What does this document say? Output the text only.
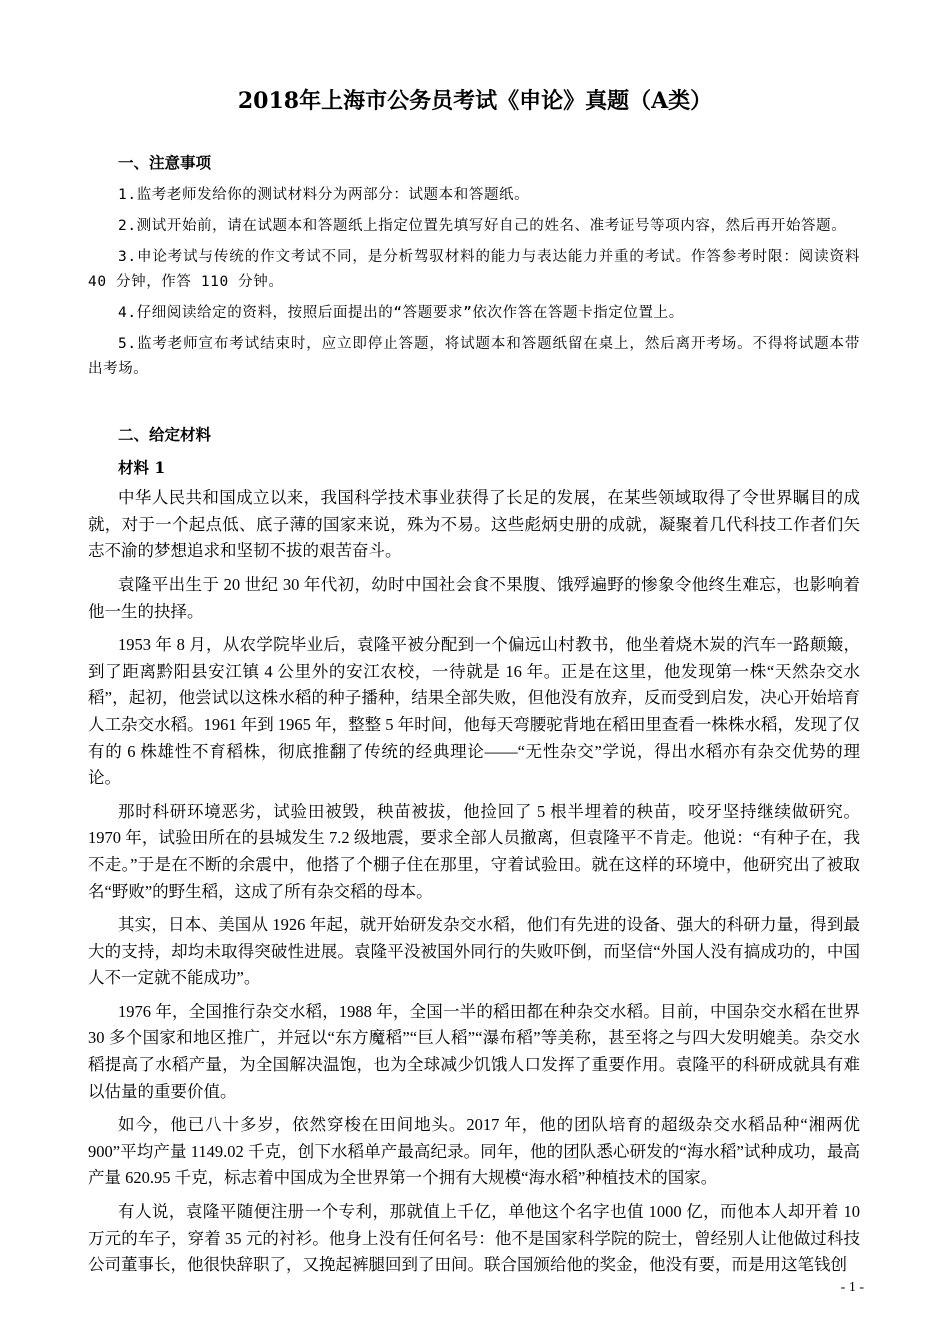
2018年上海市公务员考试《申论》真题（A类）

一、注意事项

1.监考老师发给你的测试材料分为两部分：试题本和答题纸。

2.测试开始前，请在试题本和答题纸上指定位置先填写好自己的姓名、准考证号等项内容，然后再开始答题。

3.申论考试与传统的作文考试不同，是分析驾驭材料的能力与表达能力并重的考试。作答参考时限：阅读资料 40 分钟，作答 110 分钟。

4.仔细阅读给定的资料，按照后面提出的“答题要求”依次作答在答题卡指定位置上。

5.监考老师宣布考试结束时，应立即停止答题，将试题本和答题纸留在桌上，然后离开考场。不得将试题本带出考场。

二、给定材料

材料 1

中华人民共和国成立以来，我国科学技术事业获得了长足的发展，在某些领域取得了令世界瞩目的成就，对于一个起点低、底子薄的国家来说，殊为不易。这些彪炳史册的成就，凝聚着几代科技工作者们矢志不渝的梦想追求和坚韧不拔的艰苦奋斗。

袁隆平出生于 20 世纪 30 年代初，幼时中国社会食不果腹、饿殍遍野的惨象令他终生难忘，也影响着他一生的抉择。

1953 年 8 月，从农学院毕业后，袁隆平被分配到一个偏远山村教书，他坐着烧木炭的汽车一路颠簸，到了距离黔阳县安江镇 4 公里外的安江农校，一待就是 16 年。正是在这里，他发现第一株“天然杂交水稻”，起初，他尝试以这株水稻的种子播种，结果全部失败，但他没有放弃，反而受到启发，决心开始培育人工杂交水稻。1961 年到 1965 年，整整 5 年时间，他每天弯腰驼背地在稻田里查看一株株水稻，发现了仅有的 6 株雄性不育稻株，彻底推翻了传统的经典理论——“无性杂交”学说，得出水稻亦有杂交优势的理论。

那时科研环境恶劣，试验田被毁，秧苗被拔，他捡回了 5 根半埋着的秧苗，咬牙坚持继续做研究。1970 年，试验田所在的县城发生 7.2 级地震，要求全部人员撤离，但袁隆平不肯走。他说：“有种子在，我不走。”于是在不断的余震中，他搭了个棚子住在那里，守着试验田。就在这样的环境中，他研究出了被取名“野败”的野生稻，这成了所有杂交稻的母本。

其实，日本、美国从 1926 年起，就开始研发杂交水稻，他们有先进的设备、强大的科研力量，得到最大的支持，却均未取得突破性进展。袁隆平没被国外同行的失败吓倒，而坚信“外国人没有搞成功的，中国人不一定就不能成功”。

1976 年，全国推行杂交水稻，1988 年，全国一半的稻田都在种杂交水稻。目前，中国杂交水稻在世界 30 多个国家和地区推广，并冠以“东方魔稻”“巨人稻”“瀑布稻”等美称，甚至将之与四大发明媲美。杂交水稻提高了水稻产量，为全国解决温饱，也为全球减少饥饿人口发挥了重要作用。袁隆平的科研成就具有难以估量的重要价值。

如今，他已八十多岁，依然穿梭在田间地头。2017 年，他的团队培育的超级杂交水稻品种“湘两优 900”平均产量 1149.02 千克，创下水稻单产最高纪录。同年，他的团队悉心研发的“海水稻”试种成功，最高产量 620.95 千克，标志着中国成为全世界第一个拥有大规模“海水稻”种植技术的国家。

有人说，袁隆平随便注册一个专利，那就值上千亿，单他这个名字也值 1000 亿，而他本人却开着 10 万元的车子，穿着 35 元的衬衫。他身上没有任何名号：他不是国家科学院的院士，曾经别人让他做过科技公司董事长，他很快辞职了，又挽起裤腿回到了田间。联合国颁给他的奖金，他没有要，而是用这笔钱创

- 1 -
